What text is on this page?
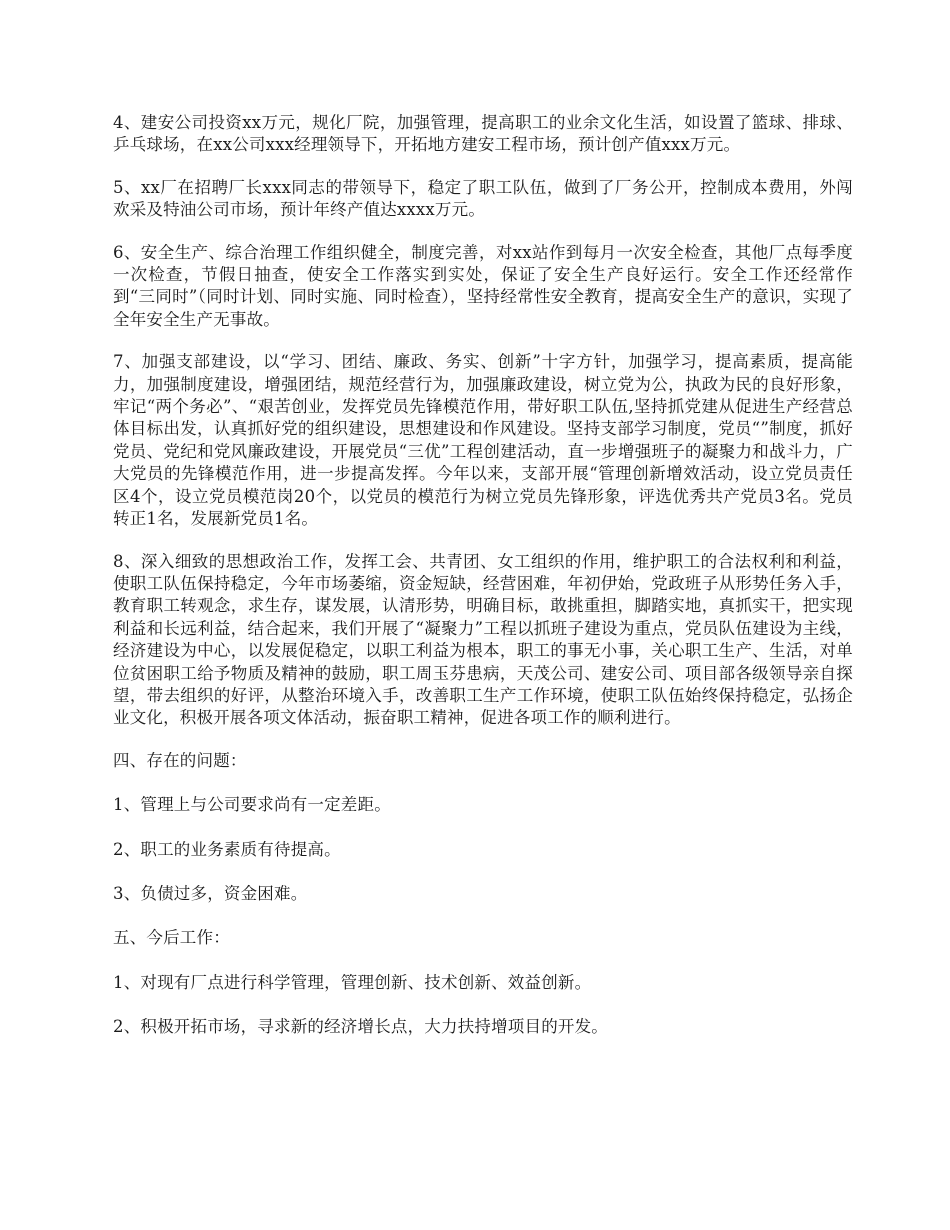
4、建安公司投资xx万元，规化厂院，加强管理，提高职工的业余文化生活，如设置了篮球、排球、乒乓球场，在xx公司xxx经理领导下，开拓地方建安工程市场，预计创产值xxx万元。

5、xx厂在招聘厂长xxx同志的带领导下，稳定了职工队伍，做到了厂务公开，控制成本费用，外闯欢采及特油公司市场，预计年终产值达xxxx万元。

6、安全生产、综合治理工作组织健全，制度完善，对xx站作到每月一次安全检查，其他厂点每季度一次检查，节假日抽查，使安全工作落实到实处，保证了安全生产良好运行。安全工作还经常作到“三同时”（同时计划、同时实施、同时检查），坚持经常性安全教育，提高安全生产的意识，实现了全年安全生产无事故。

7、加强支部建设，以“学习、团结、廉政、务实、创新”十字方针，加强学习，提高素质，提高能力，加强制度建设，增强团结，规范经营行为，加强廉政建设，树立党为公，执政为民的良好形象，牢记“两个务必”、“艰苦创业，发挥党员先锋模范作用，带好职工队伍,坚持抓党建从促进生产经营总体目标出发，认真抓好党的组织建设，思想建设和作风建设。坚持支部学习制度，党员“”制度，抓好党员、党纪和党风廉政建设，开展党员“三优”工程创建活动，直一步增强班子的凝聚力和战斗力，广大党员的先锋模范作用，进一步提高发挥。今年以来，支部开展“管理创新增效活动，设立党员责任区4个，设立党员模范岗20个，以党员的模范行为树立党员先锋形象，评选优秀共产党员3名。党员转正1名，发展新党员1名。

8、深入细致的思想政治工作，发挥工会、共青团、女工组织的作用，维护职工的合法权利和利益，使职工队伍保持稳定，今年市场萎缩，资金短缺，经营困难，年初伊始，党政班子从形势任务入手，教育职工转观念，求生存，谋发展，认清形势，明确目标，敢挑重担，脚踏实地，真抓实干，把实现利益和长远利益，结合起来，我们开展了“凝聚力”工程以抓班子建设为重点，党员队伍建设为主线，经济建设为中心，以发展促稳定，以职工利益为根本，职工的事无小事，关心职工生产、生活，对单位贫困职工给予物质及精神的鼓励，职工周玉芬患病，天茂公司、建安公司、项目部各级领导亲自探望，带去组织的好评，从整治环境入手，改善职工生产工作环境，使职工队伍始终保持稳定，弘扬企业文化，积极开展各项文体活动，振奋职工精神，促进各项工作的顺利进行。

四、存在的问题：

1、管理上与公司要求尚有一定差距。

2、职工的业务素质有待提高。

3、负债过多，资金困难。

五、今后工作：

1、对现有厂点进行科学管理，管理创新、技术创新、效益创新。

2、积极开拓市场，寻求新的经济增长点，大力扶持增项目的开发。
